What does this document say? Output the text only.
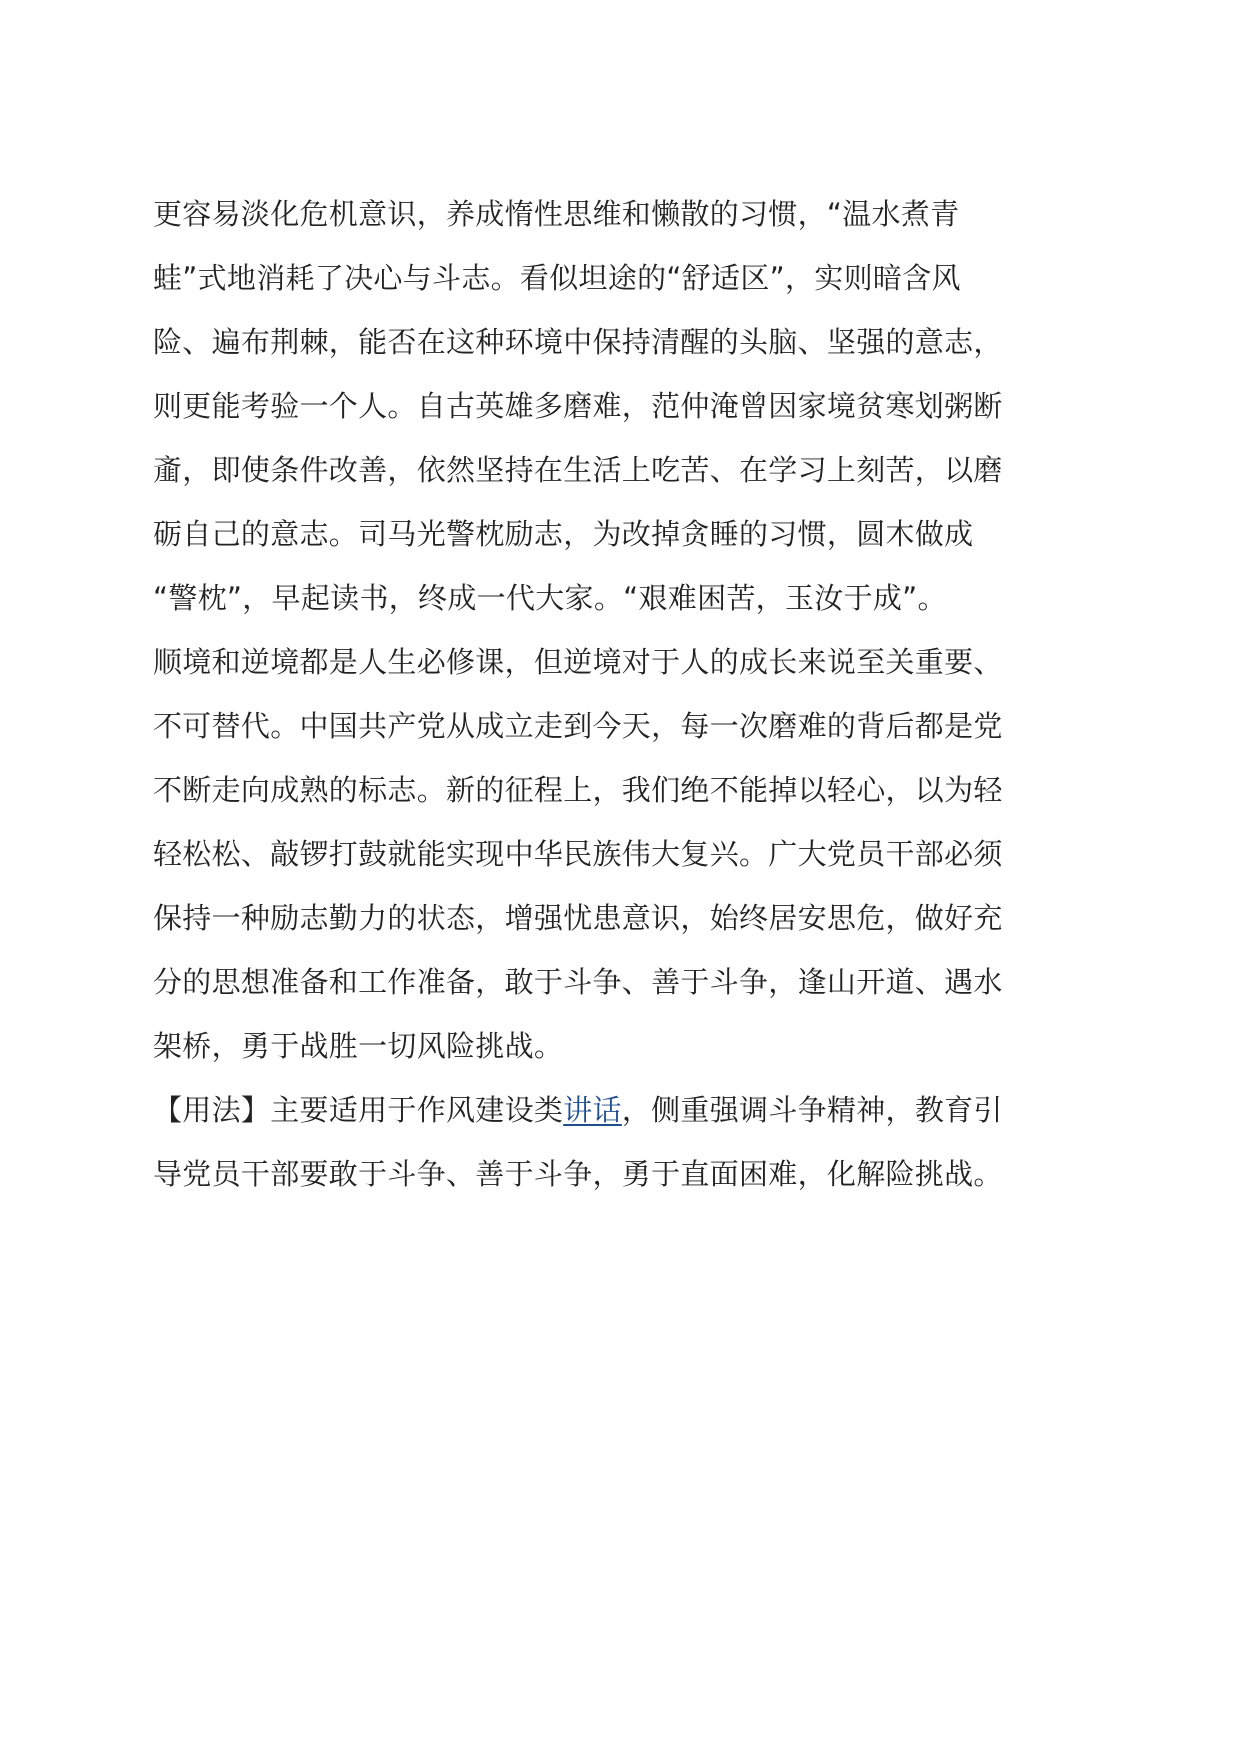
更容易淡化危机意识，养成惰性思维和懒散的习惯，“温水煮青
蛙”式地消耗了决心与斗志。看似坦途的“舒适区”，实则暗含风
险、遍布荆棘，能否在这种环境中保持清醒的头脑、坚强的意志，
则更能考验一个人。自古英雄多磨难，范仲淹曾因家境贫寒划粥断
齑，即使条件改善，依然坚持在生活上吃苦、在学习上刻苦，以磨
砺自己的意志。司马光警枕励志，为改掉贪睡的习惯，圆木做成
“警枕”，早起读书，终成一代大家。“艰难困苦，玉汝于成”。
顺境和逆境都是人生必修课，但逆境对于人的成长来说至关重要、
不可替代。中国共产党从成立走到今天，每一次磨难的背后都是党
不断走向成熟的标志。新的征程上，我们绝不能掉以轻心，以为轻
轻松松、敲锣打鼓就能实现中华民族伟大复兴。广大党员干部必须
保持一种励志勤力的状态，增强忧患意识，始终居安思危，做好充
分的思想准备和工作准备，敢于斗争、善于斗争，逢山开道、遇水
架桥，勇于战胜一切风险挑战。
【用法】主要适用于作风建设类讲话，侧重强调斗争精神，教育引
导党员干部要敢于斗争、善于斗争，勇于直面困难，化解险挑战。
